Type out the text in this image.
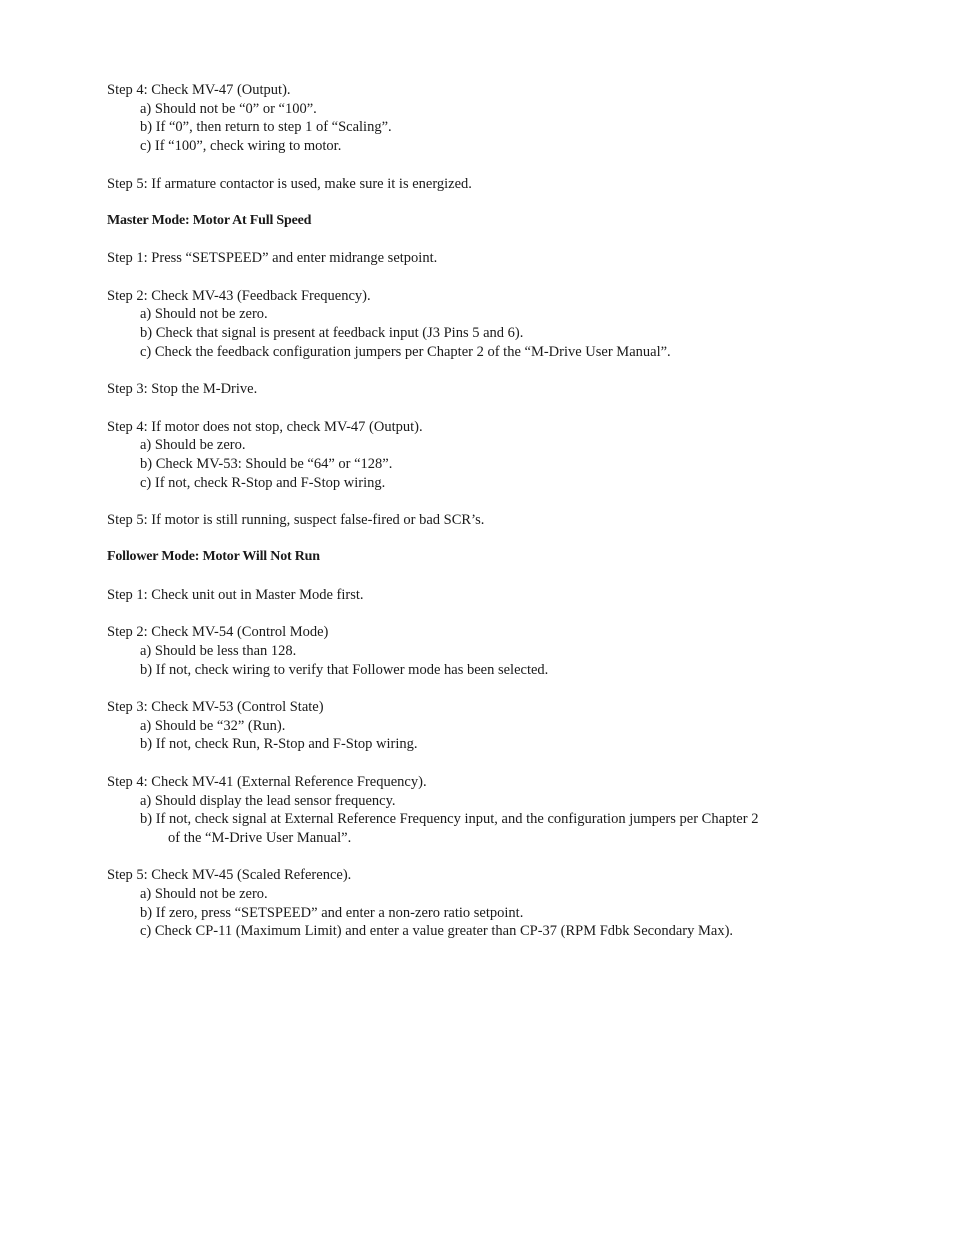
Step 4: Check MV-47 (Output).
a) Should not be “0” or “100”.
b) If “0”, then return to step 1 of “Scaling”.
c) If “100”, check wiring to motor.
Step 5: If armature contactor is used, make sure it is energized.
Master Mode: Motor At Full Speed
Step 1: Press “SETSPEED” and enter midrange setpoint.
Step 2: Check MV-43 (Feedback Frequency).
a) Should not be zero.
b) Check that signal is present at feedback input (J3 Pins 5 and 6).
c) Check the feedback configuration jumpers per Chapter 2 of the “M-Drive User Manual”.
Step 3: Stop the M-Drive.
Step 4: If motor does not stop, check MV-47 (Output).
a) Should be zero.
b) Check MV-53: Should be “64” or “128”.
c) If not, check R-Stop and F-Stop wiring.
Step 5: If motor is still running, suspect false-fired or bad SCR’s.
Follower Mode: Motor Will Not Run
Step 1: Check unit out in Master Mode first.
Step 2: Check MV-54 (Control Mode)
a) Should be less than 128.
b) If not, check wiring to verify that Follower mode has been selected.
Step 3: Check MV-53 (Control State)
a) Should be “32” (Run).
b) If not, check Run, R-Stop and F-Stop wiring.
Step 4: Check MV-41 (External Reference Frequency).
a) Should display the lead sensor frequency.
b) If not, check signal at External Reference Frequency input, and the configuration jumpers per Chapter 2
of the “M-Drive User Manual”.
Step 5: Check MV-45 (Scaled Reference).
a) Should not be zero.
b) If zero, press “SETSPEED” and enter a non-zero ratio setpoint.
c) Check CP-11 (Maximum Limit) and enter a value greater than CP-37 (RPM Fdbk Secondary Max).
